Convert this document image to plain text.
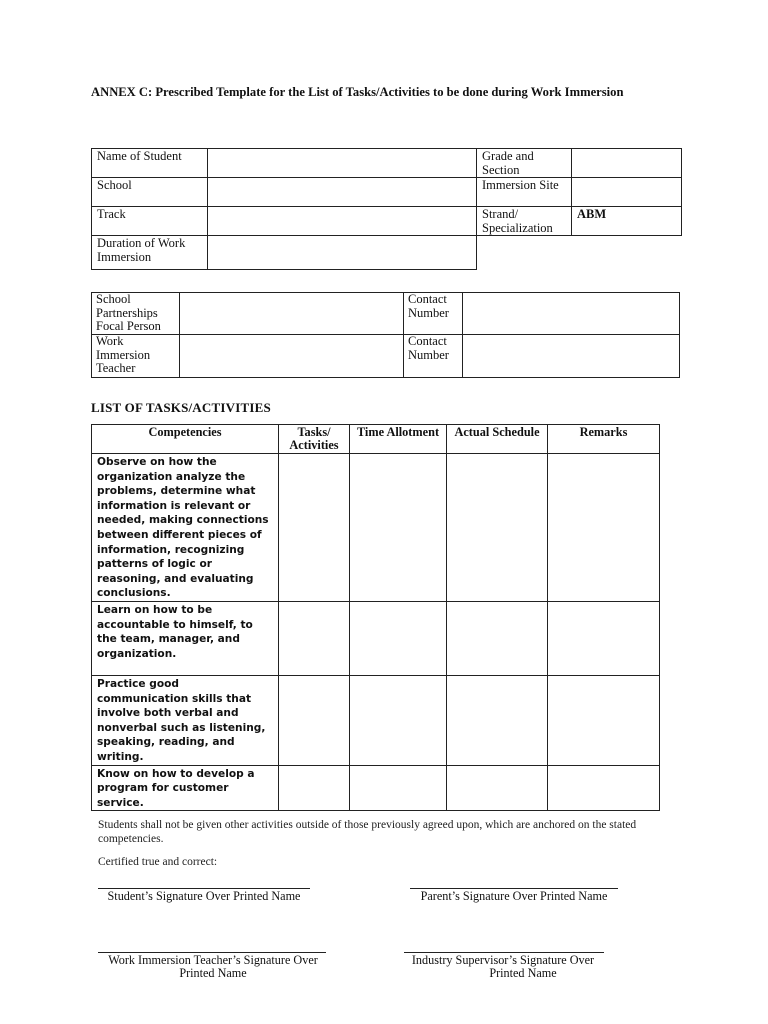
ANNEX C: Prescribed Template for the List of Tasks/Activities to be done during Work Immersion
Name of Student		Grade and Section	
School		Immersion Site	
Track		Strand/ Specialization	ABM
Duration of Work Immersion			
School Partnerships Focal Person		Contact Number	
Work Immersion Teacher		Contact Number	
LIST OF TASKS/ACTIVITIES
Competencies	Tasks/ Activities	Time Allotment	Actual Schedule	Remarks
Observe on how the organization analyze the problems, determine what information is relevant or needed, making connections between different pieces of information, recognizing patterns of logic or reasoning, and evaluating conclusions.				
Learn on how to be accountable to himself, to the team, manager, and organization.				
Practice good communication skills that involve both verbal and nonverbal such as listening, speaking, reading, and writing.				
Know on how to develop a program for customer service.				
Students shall not be given other activities outside of those previously agreed upon, which are anchored on the stated competencies.
Certified true and correct:
Student’s Signature Over Printed Name	Parent’s Signature Over Printed Name
Work Immersion Teacher’s Signature Over
Printed Name
Industry Supervisor’s Signature Over
Printed Name
